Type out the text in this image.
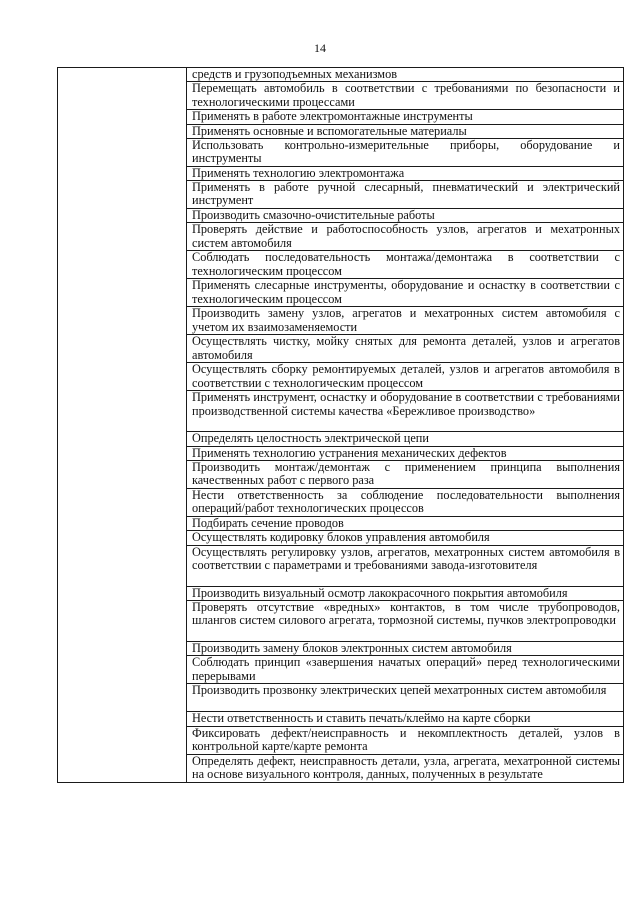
14
	средств и грузоподъемных механизмов
Перемещать автомобиль в соответствии с требованиями по безопасности и технологическими процессами
Применять в работе электромонтажные инструменты
Применять основные и вспомогательные материалы
Использовать контрольно-измерительные приборы, оборудование и инструменты
Применять технологию электромонтажа
Применять в работе ручной слесарный, пневматический и электрический инструмент
Производить смазочно-очистительные работы
Проверять действие и работоспособность узлов, агрегатов и мехатронных систем автомобиля
Соблюдать последовательность монтажа/демонтажа в соответствии с технологическим процессом
Применять слесарные инструменты, оборудование и оснастку в соответствии с технологическим процессом
Производить замену узлов, агрегатов и мехатронных систем автомобиля с учетом их взаимозаменяемости
Осуществлять чистку, мойку снятых для ремонта деталей, узлов и агрегатов автомобиля
Осуществлять сборку ремонтируемых деталей, узлов и агрегатов автомобиля в соответствии с технологическим процессом
Применять инструмент, оснастку и оборудование в соответствии с требованиями производственной системы качества «Бережливое производство»
Определять целостность электрической цепи
Применять технологию устранения механических дефектов
Производить монтаж/демонтаж с применением принципа выполнения качественных работ с первого раза
Нести ответственность за соблюдение последовательности выполнения операций/работ технологических процессов
Подбирать сечение проводов
Осуществлять кодировку блоков управления автомобиля
Осуществлять регулировку узлов, агрегатов, мехатронных систем автомобиля в соответствии с параметрами и требованиями завода-изготовителя
Производить визуальный осмотр лакокрасочного покрытия автомобиля
Проверять отсутствие «вредных» контактов, в том числе трубопроводов, шлангов систем силового агрегата, тормозной системы, пучков электропроводки
Производить замену блоков электронных систем автомобиля
Соблюдать принцип «завершения начатых операций» перед технологическими перерывами
Производить прозвонку электрических цепей мехатронных систем автомобиля
Нести ответственность и ставить печать/клеймо на карте сборки
Фиксировать дефект/неисправность и некомплектность деталей, узлов в контрольной карте/карте ремонта
Определять дефект, неисправность детали, узла, агрегата, мехатронной системы на основе визуального контроля, данных, полученных в результате
